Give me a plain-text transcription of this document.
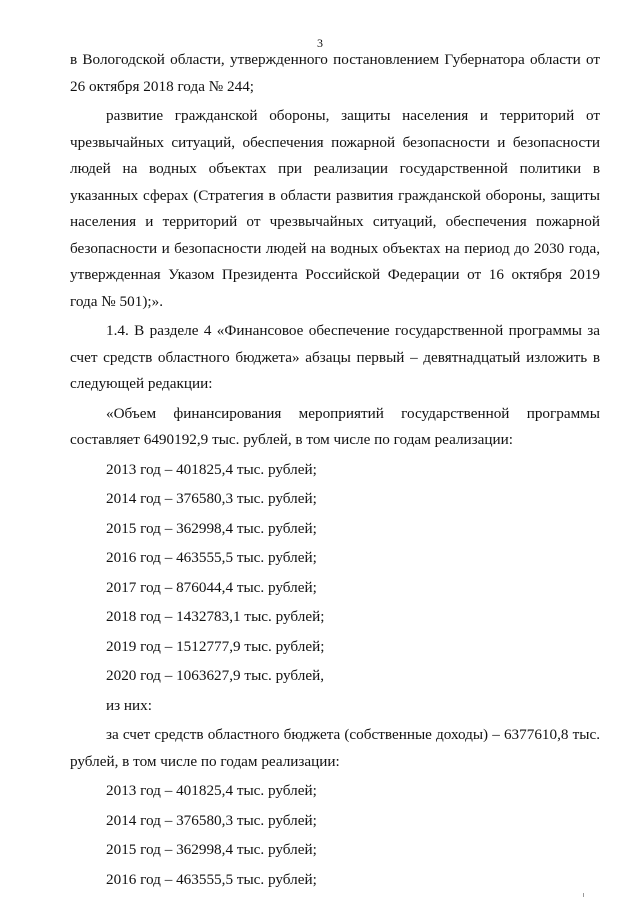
3

в Вологодской области, утвержденного постановлением Губернатора области от 26 октября 2018 года № 244;

развитие гражданской обороны, защиты населения и территорий от чрезвычайных ситуаций, обеспечения пожарной безопасности и безопасности людей на водных объектах при реализации государственной политики в указанных сферах (Стратегия в области развития гражданской обороны, защиты населения и территорий от чрезвычайных ситуаций, обеспечения пожарной безопасности и безопасности людей на водных объектах на период до 2030 года, утвержденная Указом Президента Российской Федерации от 16 октября 2019 года № 501);».

1.4. В разделе 4 «Финансовое обеспечение государственной программы за счет средств областного бюджета» абзацы первый – девятнадцатый изложить в следующей редакции:

«Объем финансирования мероприятий государственной программы составляет 6490192,9 тыс. рублей, в том числе по годам реализации:

2013 год – 401825,4 тыс. рублей;

2014 год – 376580,3 тыс. рублей;

2015 год – 362998,4 тыс. рублей;

2016 год – 463555,5 тыс. рублей;

2017 год – 876044,4 тыс. рублей;

2018 год – 1432783,1 тыс. рублей;

2019 год – 1512777,9 тыс. рублей;

2020 год – 1063627,9 тыс. рублей,

из них:

за счет средств областного бюджета (собственные доходы) – 6377610,8 тыс. рублей, в том числе по годам реализации:

2013 год – 401825,4 тыс. рублей;

2014 год – 376580,3 тыс. рублей;

2015 год – 362998,4 тыс. рублей;

2016 год – 463555,5 тыс. рублей;
